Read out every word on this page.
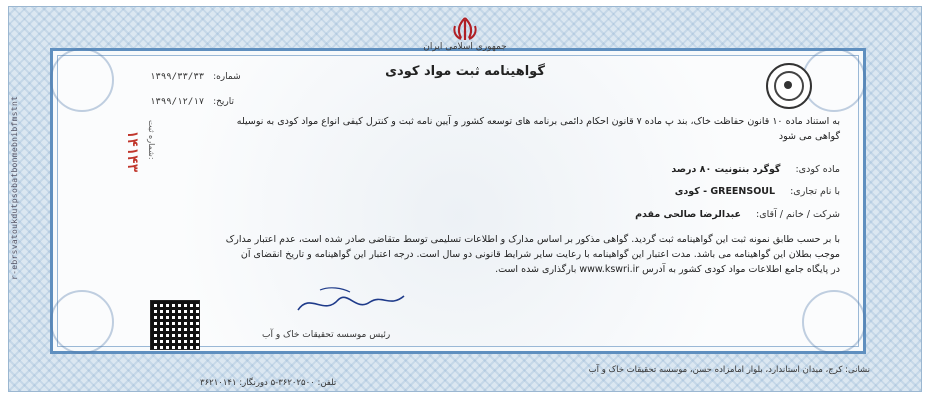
r-ebrsvatoukdutpsobatbonmebnibfmstnt
جمهوری اسلامی ایران
گواهینامه ثبت مواد کودی
شماره: ۱۳۹۹/۳۳/۳۳
تاریخ: ۱۳۹۹/۱۲/۱۷
۱۴۱۴۳ شماره ثبت:
به استناد ماده ۱۰ قانون حفاظت خاک، بند پ ماده ۷ قانون احکام دائمی برنامه های توسعه کشور و آیین نامه ثبت و کنترل کیفی انواع مواد کودی به نوسیله
گواهی می شود
ماده کودی: گوگرد بنتونیت ۸۰ درصد
با نام تجاری: GREENSOUL - کودی
شرکت / خانم / آقای: عبدالرضا صالحی مقدم
با بر حسب طابق نمونه ثبت این گواهینامه ثبت گردید. گواهی مذکور بر اساس مدارک و اطلاعات تسلیمی توسط متقاضی صادر شده است، عدم اعتبار مدارک
موجب بطلان این گواهینامه می باشد. مدت اعتبار این گواهینامه با رعایت سایر شرایط قانونی دو سال است. درجه اعتبار این گواهینامه و تاریخ انقضای آن
در پایگاه جامع اطلاعات مواد کودی کشور به آدرس www.kswri.ir بارگذاری شده است.
رئیس موسسه تحقیقات خاک و آب
نشانی: کرج، میدان استاندارد، بلوار امامزاده حسن، موسسه تحقیقات خاک و آب
تلفن: ۳۶۲۰۲۵۰۰-۵ دورنگار: ۳۶۲۱۰۱۴۱
